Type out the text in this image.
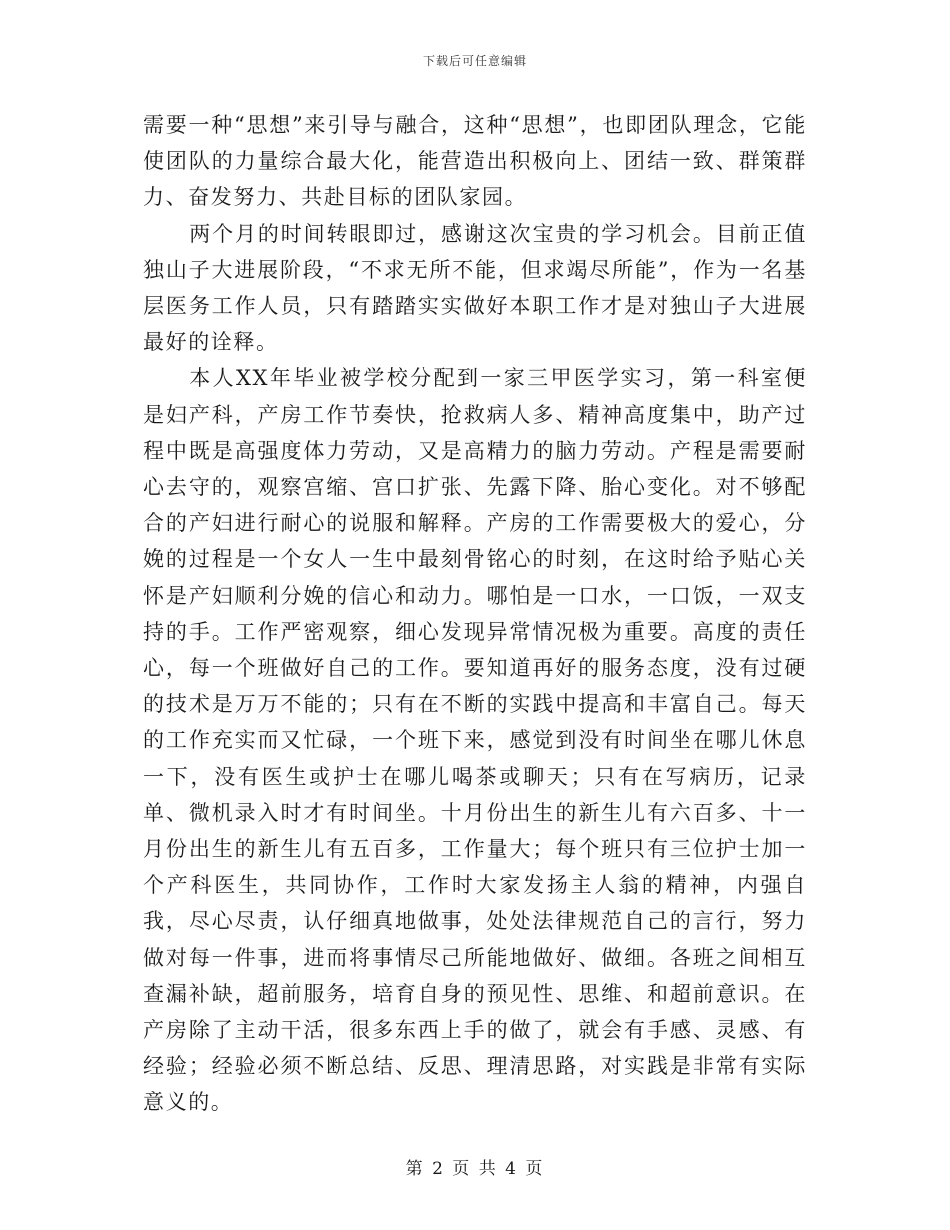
下载后可任意编辑

需要一种“思想”来引导与融合，这种“思想”，也即团队理念，它能使团队的力量综合最大化，能营造出积极向上、团结一致、群策群力、奋发努力、共赴目标的团队家园。

两个月的时间转眼即过，感谢这次宝贵的学习机会。目前正值独山子大进展阶段，“不求无所不能，但求竭尽所能”，作为一名基层医务工作人员，只有踏踏实实做好本职工作才是对独山子大进展最好的诠释。

本人XX年毕业被学校分配到一家三甲医学实习，第一科室便是妇产科，产房工作节奏快，抢救病人多、精神高度集中，助产过程中既是高强度体力劳动，又是高精力的脑力劳动。产程是需要耐心去守的，观察宫缩、宫口扩张、先露下降、胎心变化。对不够配合的产妇进行耐心的说服和解释。产房的工作需要极大的爱心，分娩的过程是一个女人一生中最刻骨铭心的时刻，在这时给予贴心关怀是产妇顺利分娩的信心和动力。哪怕是一口水，一口饭，一双支持的手。工作严密观察，细心发现异常情况极为重要。高度的责任心，每一个班做好自己的工作。要知道再好的服务态度，没有过硬的技术是万万不能的；只有在不断的实践中提高和丰富自己。每天的工作充实而又忙碌，一个班下来，感觉到没有时间坐在哪儿休息一下，没有医生或护士在哪儿喝茶或聊天；只有在写病历，记录单、微机录入时才有时间坐。十月份出生的新生儿有六百多、十一月份出生的新生儿有五百多，工作量大；每个班只有三位护士加一个产科医生，共同协作，工作时大家发扬主人翁的精神，内强自我，尽心尽责，认仔细真地做事，处处法律规范自己的言行，努力做对每一件事，进而将事情尽己所能地做好、做细。各班之间相互查漏补缺，超前服务，培育自身的预见性、思维、和超前意识。在产房除了主动干活，很多东西上手的做了，就会有手感、灵感、有经验；经验必须不断总结、反思、理清思路，对实践是非常有实际意义的。

第 2 页 共 4 页
